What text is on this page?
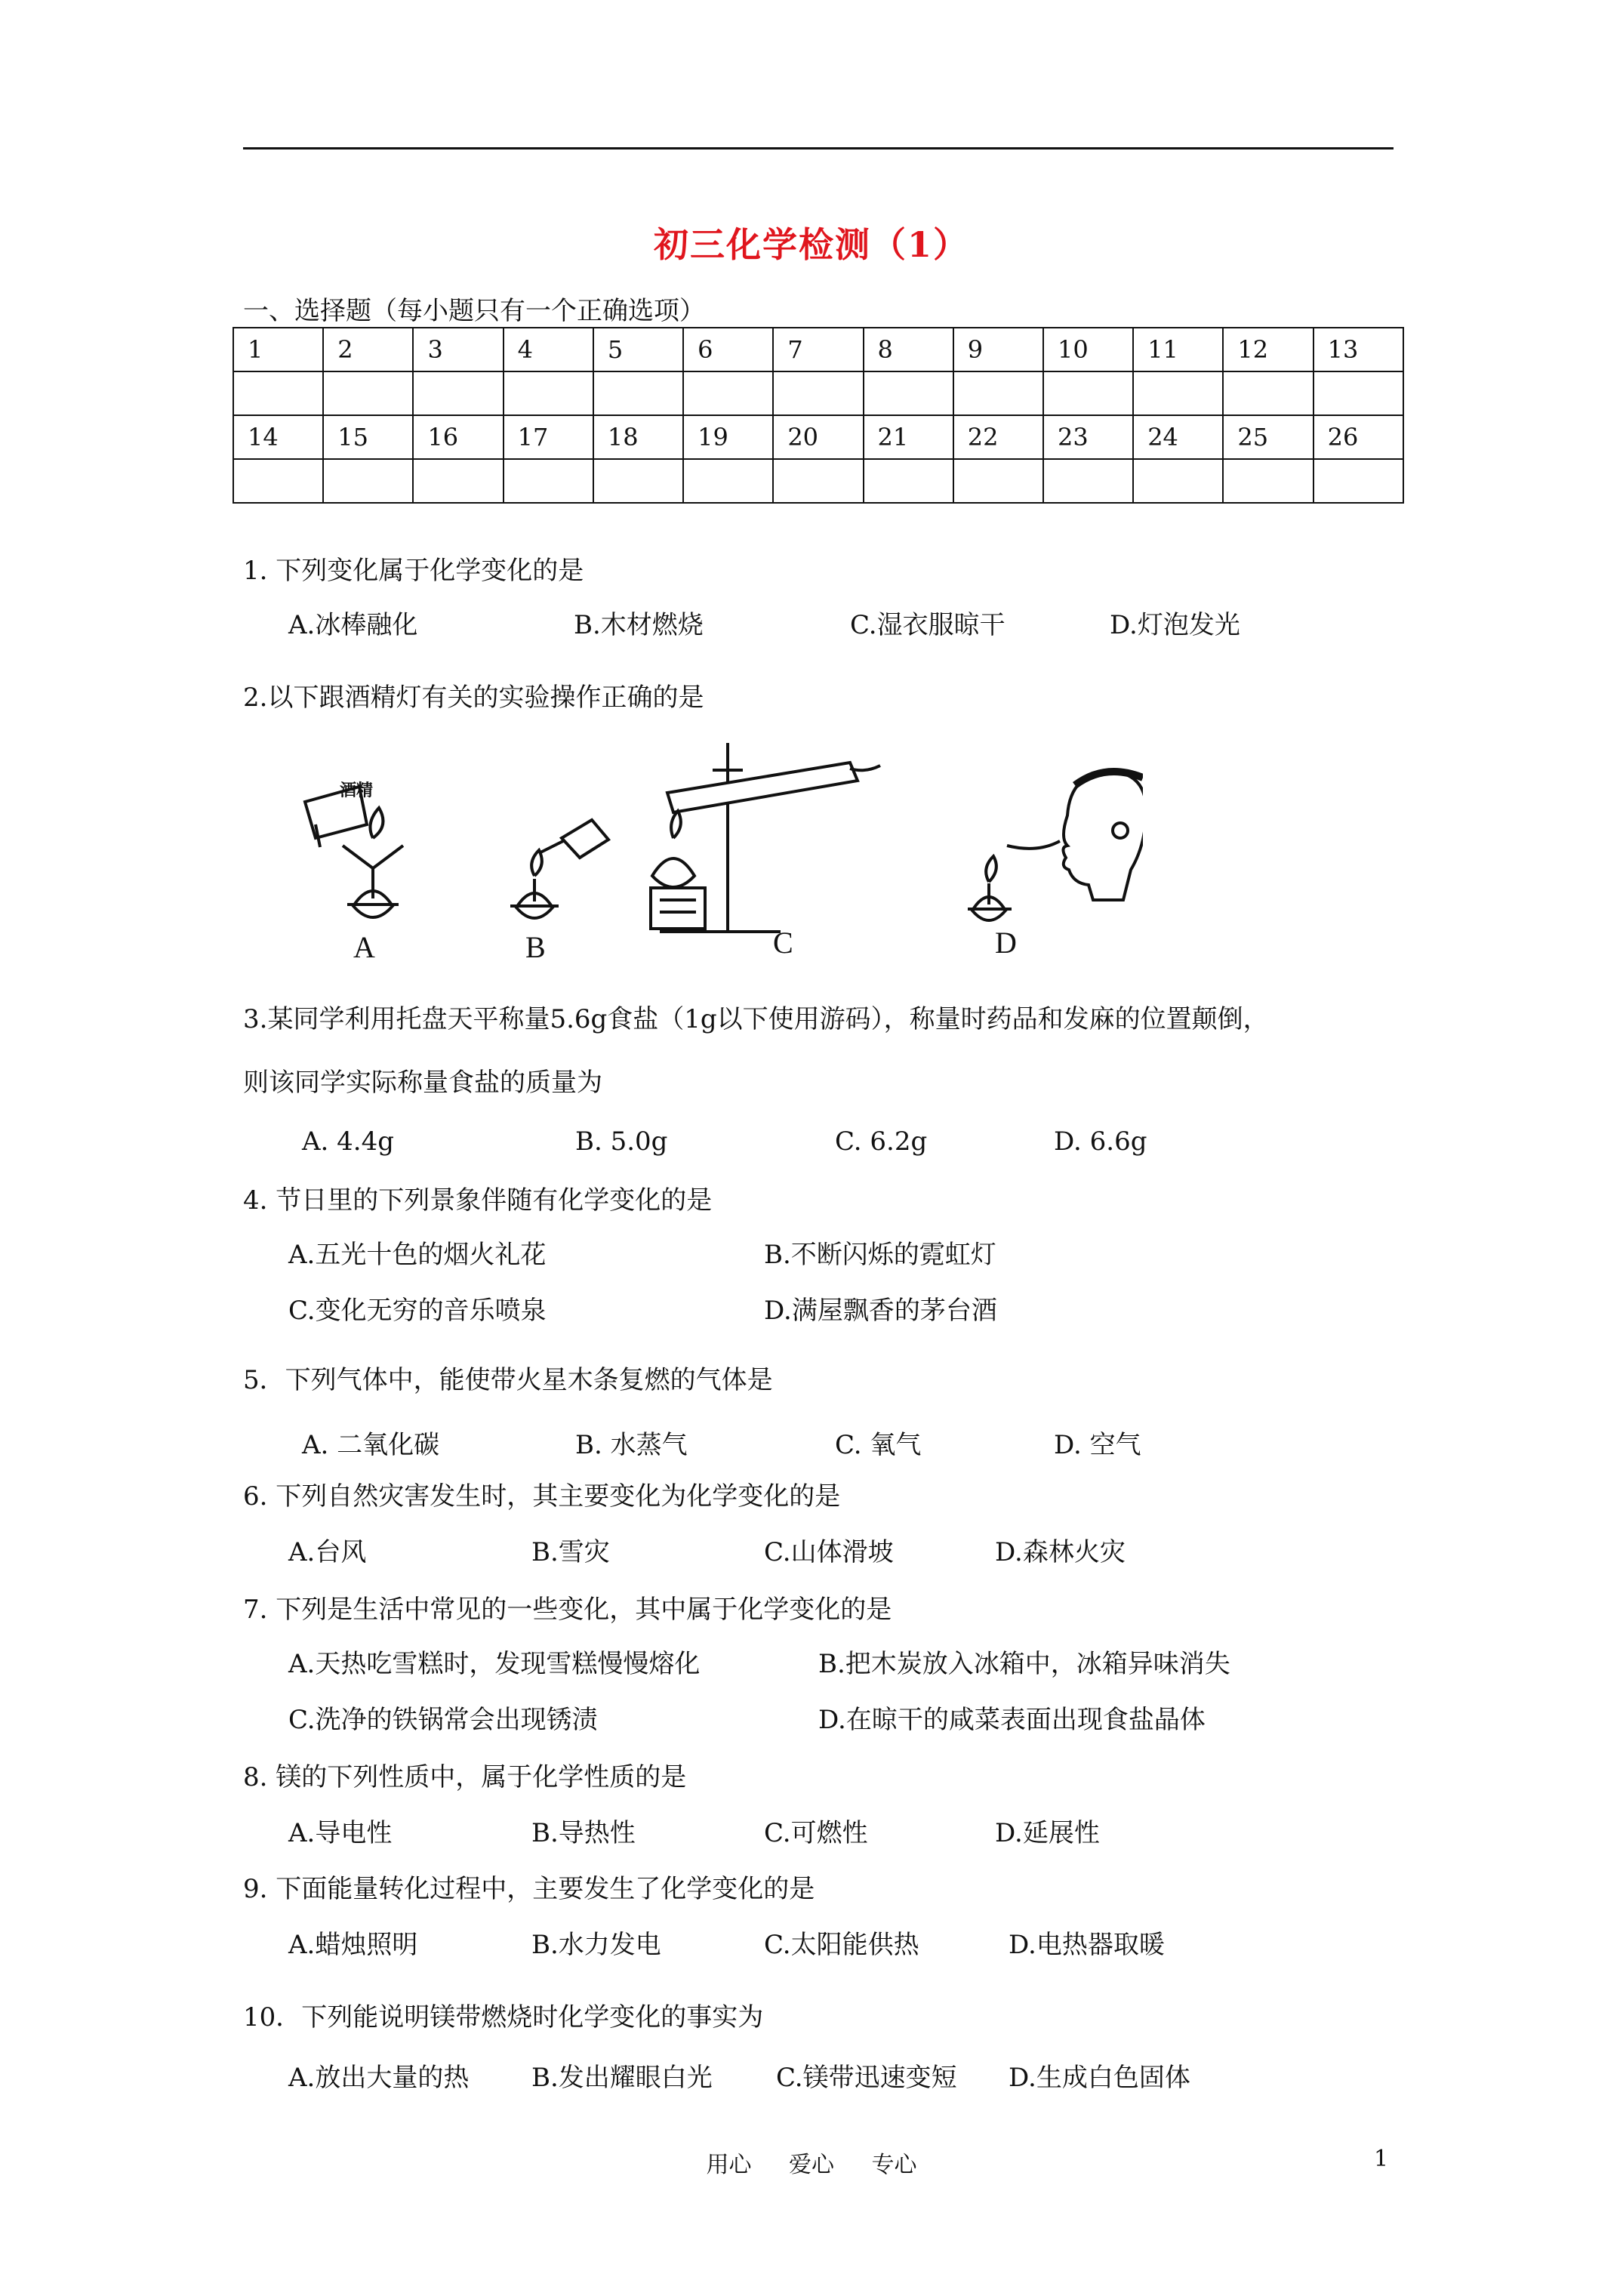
初三化学检测（1）
一、选择题（每小题只有一个正确选项）
1	2	3	4	5	6	7	8	9	10	11	12	13

14	15	16	17	18	19	20	21	22	23	24	25	26

1. 下列变化属于化学变化的是
A.冰棒融化	B.木材燃烧	C.湿衣服晾干	D.灯泡发光
2.以下跟酒精灯有关的实验操作正确的是
酒精
A	B	C	D
3.某同学利用托盘天平称量5.6g食盐（1g以下使用游码），称量时药品和发麻的位置颠倒，
则该同学实际称量食盐的质量为
A. 4.4g	B. 5.0g	C. 6.2g	D. 6.6g
4. 节日里的下列景象伴随有化学变化的是
A.五光十色的烟火礼花	B.不断闪烁的霓虹灯
C.变化无穷的音乐喷泉	D.满屋飘香的茅台酒
5．下列气体中，能使带火星木条复燃的气体是
A. 二氧化碳	B. 水蒸气	C. 氧气	D. 空气
6. 下列自然灾害发生时，其主要变化为化学变化的是
A.台风	B.雪灾	C.山体滑坡	D.森林火灾
7. 下列是生活中常见的一些变化，其中属于化学变化的是
A.天热吃雪糕时，发现雪糕慢慢熔化	B.把木炭放入冰箱中，冰箱异味消失
C.洗净的铁锅常会出现锈渍	D.在晾干的咸菜表面出现食盐晶体
8. 镁的下列性质中，属于化学性质的是
A.导电性	B.导热性	C.可燃性	D.延展性
9. 下面能量转化过程中，主要发生了化学变化的是
A.蜡烛照明	B.水力发电	C.太阳能供热	D.电热器取暖
10．下列能说明镁带燃烧时化学变化的事实为
A.放出大量的热 B.发出耀眼白光 C.镁带迅速变短 D.生成白色固体
用心 爱心 专心	1
